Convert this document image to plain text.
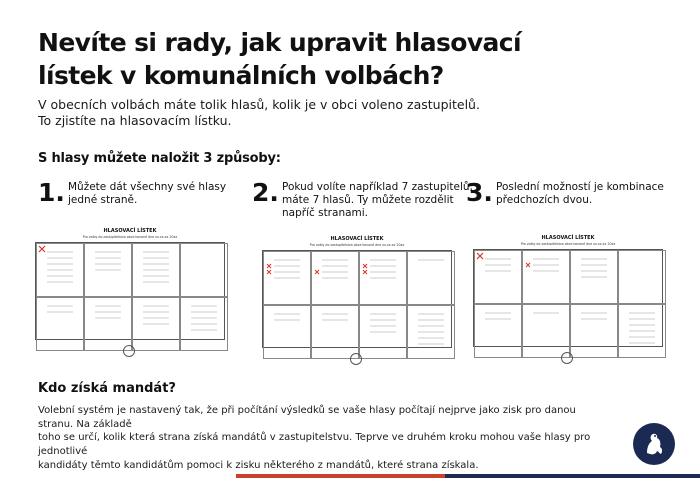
Nevíte si rady, jak upravit hlasovací
lístek v komunálních volbách?
V obecních volbách máte tolik hlasů, kolik je v obci voleno zastupitelů.
To zjistíte na hlasovacím lístku.
S hlasy můžete naložit 3 způsoby:
1. Můžete dát všechny své hlasy
jedné straně.	2. Pokud volíte například 7 zastupitelů,
máte 7 hlasů. Ty můžete rozdělit
napříč stranami.
3. Poslední možností je kombinace
předchozích dvou.
HLASOVACÍ LÍSTEK
Pro volby do zastupitelstva obce konané dne xx.xx.xx 20xx	HLASOVACÍ LÍSTEK
Pro volby do zastupitelstva obce konané dne xx.xx.xx 20xx
HLASOVACÍ LÍSTEK
Pro volby do zastupitelstva obce konané dne xx.xx.xx 20xx
Kdo získá mandát?
Volební systém je nastavený tak, že při počítání výsledků se vaše hlasy počítají nejprve jako zisk pro danou stranu. Na základě
toho se určí, kolik která strana získá mandátů v zastupitelstvu. Teprve ve druhém kroku mohou vaše hlasy pro jednotlivé
kandidáty těmto kandidátům pomoci k zisku některého z mandátů, které strana získala.
